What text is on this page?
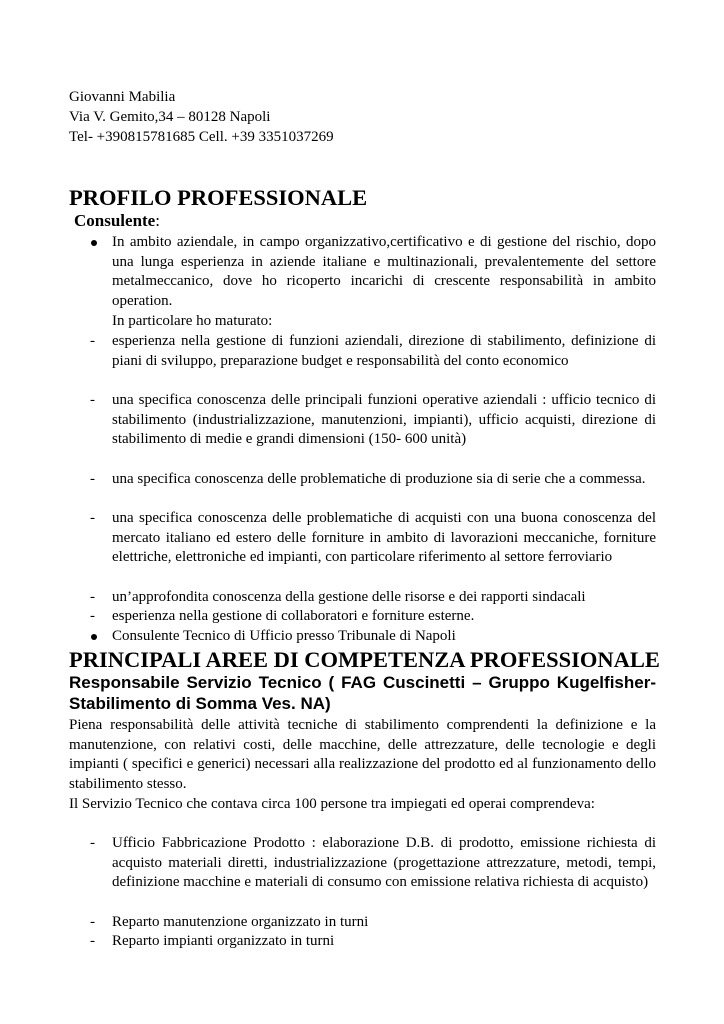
Giovanni Mabilia
Via V. Gemito,34 – 80128 Napoli
Tel- +390815781685 Cell. +39 3351037269
PROFILO PROFESSIONALE
Consulente:
In ambito aziendale, in campo organizzativo,certificativo e di gestione del rischio, dopo una lunga esperienza in aziende italiane e multinazionali, prevalentemente del settore metalmeccanico, dove ho ricoperto incarichi di crescente responsabilità in ambito operation.
In particolare ho maturato:
- esperienza nella gestione di funzioni aziendali, direzione di stabilimento, definizione di piani di sviluppo, preparazione budget e responsabilità del conto economico
- una specifica conoscenza delle principali funzioni operative aziendali : ufficio tecnico di stabilimento (industrializzazione, manutenzioni, impianti), ufficio acquisti, direzione di stabilimento di medie e grandi dimensioni (150- 600 unità)
- una specifica conoscenza delle problematiche di produzione sia di serie che a commessa.
- una specifica conoscenza delle problematiche di acquisti con una buona conoscenza del mercato italiano ed estero delle forniture in ambito di lavorazioni meccaniche, forniture elettriche, elettroniche ed impianti, con particolare riferimento al settore ferroviario
- un’approfondita conoscenza della gestione delle risorse e dei rapporti sindacali
- esperienza nella gestione di collaboratori e forniture esterne.
Consulente Tecnico di Ufficio presso Tribunale di Napoli
PRINCIPALI AREE DI COMPETENZA PROFESSIONALE
Responsabile Servizio Tecnico ( FAG Cuscinetti – Gruppo Kugelfisher- Stabilimento di Somma Ves. NA)
Piena responsabilità delle attività tecniche di stabilimento comprendenti la definizione e la manutenzione, con relativi costi, delle macchine, delle attrezzature, delle tecnologie e degli impianti ( specifici e generici) necessari alla realizzazione del prodotto ed al funzionamento dello stabilimento stesso.
Il Servizio Tecnico che contava circa 100 persone tra impiegati ed operai comprendeva:
- Ufficio Fabbricazione Prodotto : elaborazione D.B. di prodotto, emissione richiesta di acquisto materiali diretti, industrializzazione (progettazione attrezzature, metodi, tempi, definizione macchine e materiali di consumo con emissione relativa richiesta di acquisto)
- Reparto manutenzione organizzato in turni
- Reparto impianti organizzato in turni
